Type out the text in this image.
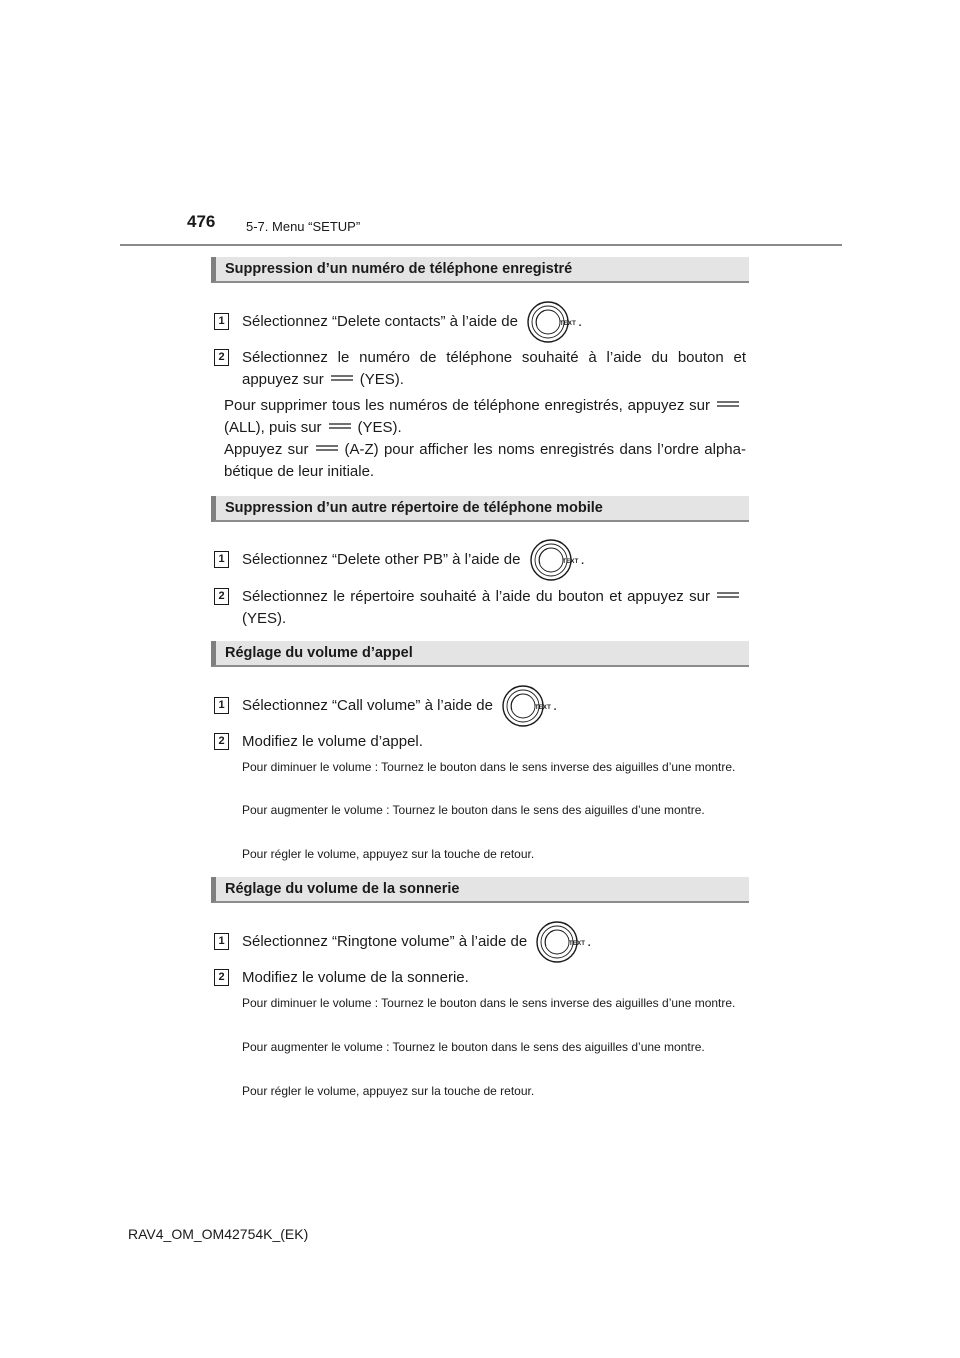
476 5-7. Menu “SETUP”
Suppression d’un numéro de téléphone enregistré
1 Sélectionnez “Delete contacts” à l’aide de	TEXT .
2 Sélectionnez le numéro de téléphone souhaité à l’aide du bouton et appuyez sur (YES).
Pour supprimer tous les numéros de téléphone enregistrés, appuyez sur
(ALL), puis sur (YES).
Appuyez sur (A-Z) pour afficher les noms enregistrés dans l’ordre alpha-bétique de leur initiale.
Suppression d’un autre répertoire de téléphone mobile
1 Sélectionnez “Delete other PB” à l’aide de	TEXT .
2 Sélectionnez le répertoire souhaité à l’aide du bouton et appuyez sur
(YES).
Réglage du volume d’appel
1 Sélectionnez “Call volume” à l’aide de	TEXT .
2 Modifiez le volume d’appel.
Pour diminuer le volume : Tournez le bouton dans le sens inverse des aiguilles d’une montre.
Pour augmenter le volume : Tournez le bouton dans le sens des aiguilles d’une montre.
Pour régler le volume, appuyez sur la touche de retour.
Réglage du volume de la sonnerie
1 Sélectionnez “Ringtone volume” à l’aide de	TEXT .
2 Modifiez le volume de la sonnerie.
Pour diminuer le volume : Tournez le bouton dans le sens inverse des aiguilles d’une montre.
Pour augmenter le volume : Tournez le bouton dans le sens des aiguilles d’une montre.
Pour régler le volume, appuyez sur la touche de retour.
RAV4_OM_OM42754K_(EK)
